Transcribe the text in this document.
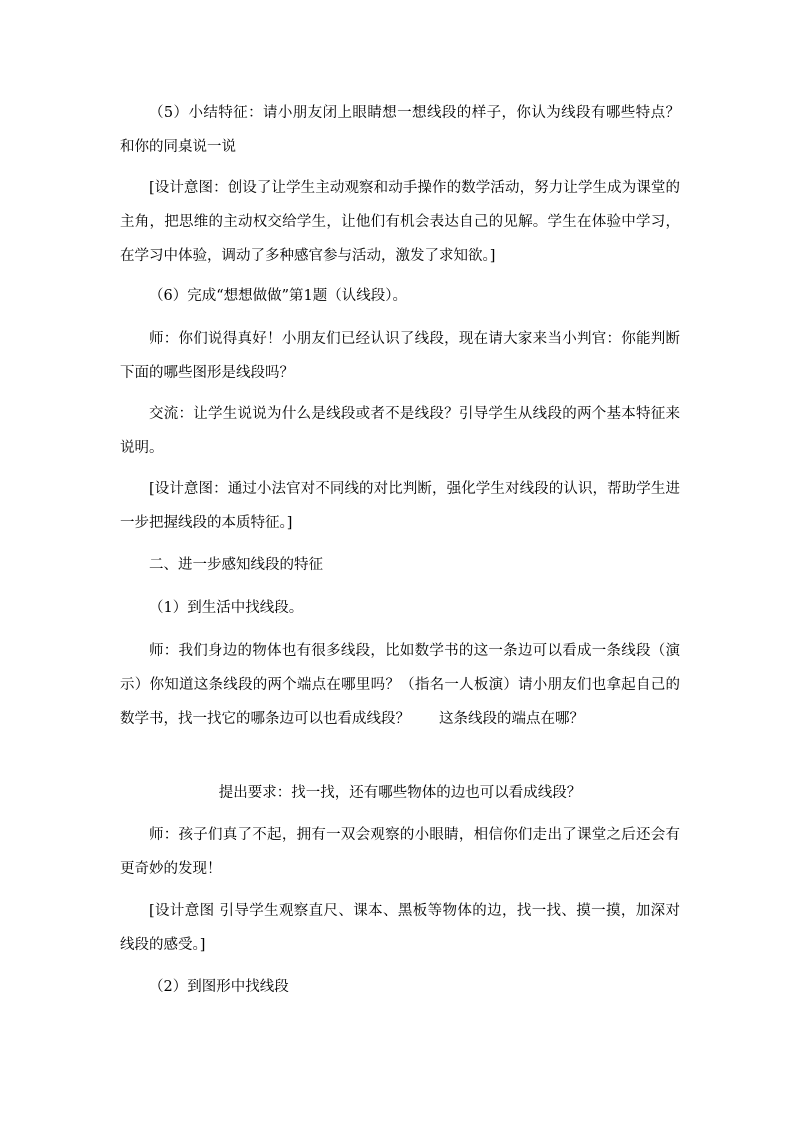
（5）小结特征：请小朋友闭上眼睛想一想线段的样子，你认为线段有哪些特点？和你的同桌说一说

[设计意图：创设了让学生主动观察和动手操作的数学活动，努力让学生成为课堂的主角，把思维的主动权交给学生，让他们有机会表达自己的见解。学生在体验中学习，在学习中体验，调动了多种感官参与活动，激发了求知欲。]

（6）完成“想想做做”第1题（认线段）。

师：你们说得真好！小朋友们已经认识了线段，现在请大家来当小判官：你能判断下面的哪些图形是线段吗？

交流：让学生说说为什么是线段或者不是线段？引导学生从线段的两个基本特征来说明。

[设计意图：通过小法官对不同线的对比判断，强化学生对线段的认识，帮助学生进一步把握线段的本质特征。]

二、进一步感知线段的特征

（1）到生活中找线段。

师：我们身边的物体也有很多线段，比如数学书的这一条边可以看成一条线段（演示）你知道这条线段的两个端点在哪里吗？（指名一人板演）请小朋友们也拿起自己的数学书，找一找它的哪条边可以也看成线段？　　这条线段的端点在哪？

提出要求：找一找，还有哪些物体的边也可以看成线段？

师：孩子们真了不起，拥有一双会观察的小眼睛，相信你们走出了课堂之后还会有更奇妙的发现！

[设计意图 引导学生观察直尺、课本、黑板等物体的边，找一找、摸一摸，加深对线段的感受。]

（2）到图形中找线段
